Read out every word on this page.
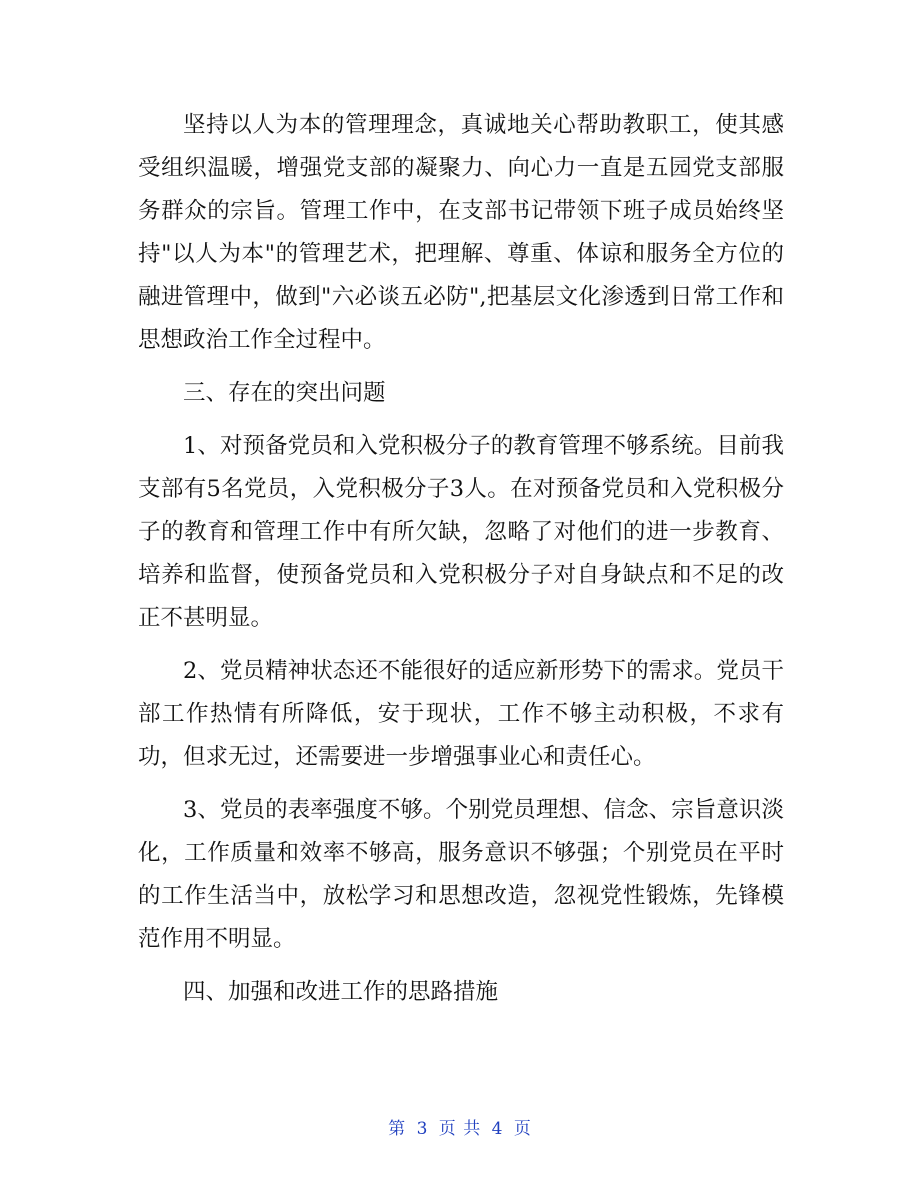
坚持以人为本的管理理念，真诚地关心帮助教职工，使其感受组织温暖，增强党支部的凝聚力、向心力一直是五园党支部服务群众的宗旨。管理工作中，在支部书记带领下班子成员始终坚持"以人为本"的管理艺术，把理解、尊重、体谅和服务全方位的融进管理中，做到"六必谈五必防",把基层文化渗透到日常工作和思想政治工作全过程中。

三、存在的突出问题

1、对预备党员和入党积极分子的教育管理不够系统。目前我支部有5名党员，入党积极分子3人。在对预备党员和入党积极分子的教育和管理工作中有所欠缺，忽略了对他们的进一步教育、培养和监督，使预备党员和入党积极分子对自身缺点和不足的改正不甚明显。

2、党员精神状态还不能很好的适应新形势下的需求。党员干部工作热情有所降低，安于现状，工作不够主动积极，不求有功，但求无过，还需要进一步增强事业心和责任心。

3、党员的表率强度不够。个别党员理想、信念、宗旨意识淡化，工作质量和效率不够高，服务意识不够强；个别党员在平时的工作生活当中，放松学习和思想改造，忽视党性锻炼，先锋模范作用不明显。

四、加强和改进工作的思路措施

第 3 页 共 4 页
